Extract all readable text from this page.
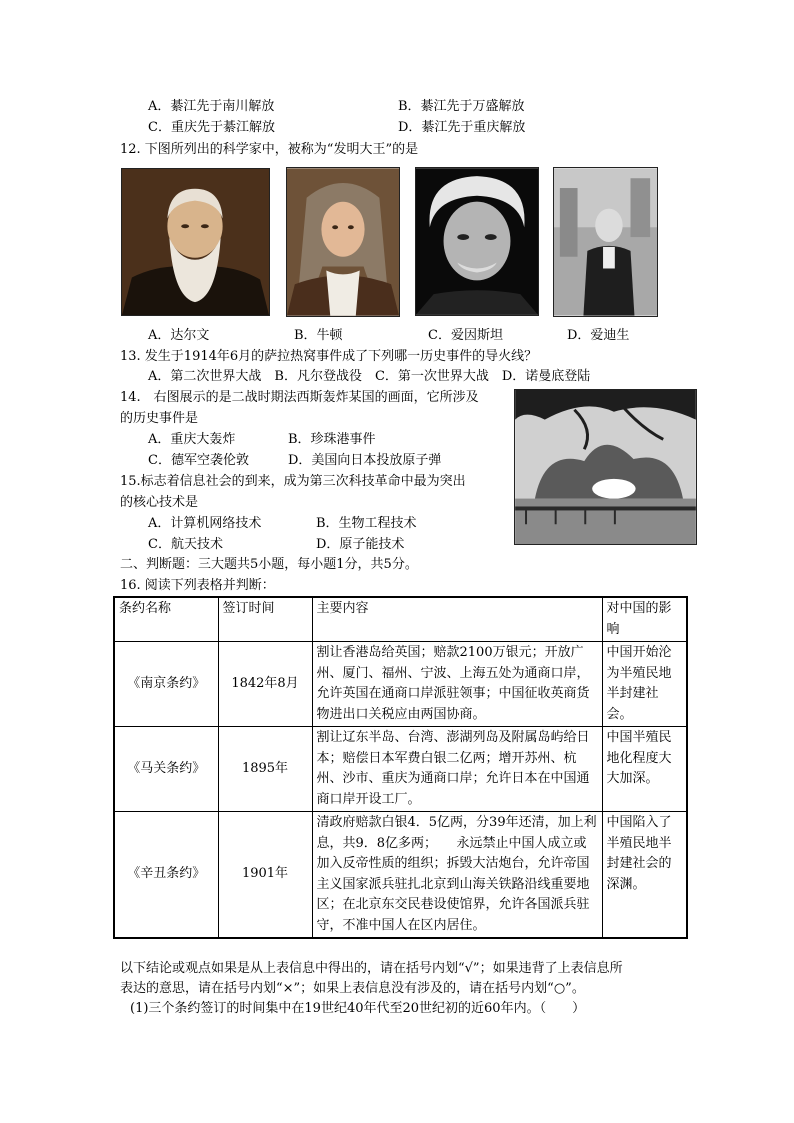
A．綦江先于南川解放	B．綦江先于万盛解放
C．重庆先于綦江解放	D．綦江先于重庆解放
12. 下图所列出的科学家中，被称为“发明大王”的是
A．达尔文	B．牛顿	C．爱因斯坦	D．爱迪生
13. 发生于1914年6月的萨拉热窝事件成了下列哪一历史事件的导火线？
A．第二次世界大战　B．凡尔登战役　C．第一次世界大战　D．诺曼底登陆
14.　右图展示的是二战时期法西斯轰炸某国的画面，它所涉及
的历史事件是
A．重庆大轰炸	B．珍珠港事件
C．德军空袭伦敦	D．美国向日本投放原子弹
15.标志着信息社会的到来，成为第三次科技革命中最为突出
的核心技术是
A．计算机网络技术	B．生物工程技术
C．航天技术	D．原子能技术
二、判断题：三大题共5小题，每小题1分，共5分。
16. 阅读下列表格并判断：
条约名称	签订时间	主要内容	对中国的影响
《南京条约》	1842年8月	割让香港岛给英国；赔款2100万银元；开放广州、厦门、福州、宁波、上海五处为通商口岸，允许英国在通商口岸派驻领事；中国征收英商货物进出口关税应由两国协商。	中国开始沦为半殖民地半封建社会。
《马关条约》	1895年	割让辽东半岛、台湾、澎湖列岛及附属岛屿给日本；赔偿日本军费白银二亿两；增开苏州、杭州、沙市、重庆为通商口岸；允许日本在中国通商口岸开设工厂。	中国半殖民地化程度大大加深。
《辛丑条约》	1901年	清政府赔款白银4．5亿两，分39年还清，加上利息，共9．8亿多两；　　永远禁止中国人成立或加入反帝性质的组织；拆毁大沽炮台，允许帝国主义国家派兵驻扎北京到山海关铁路沿线重要地区；在北京东交民巷设使馆界，允许各国派兵驻守，不准中国人在区内居住。	中国陷入了半殖民地半封建社会的深渊。
以下结论或观点如果是从上表信息中得出的，请在括号内划“√”；如果违背了上表信息所
表达的意思，请在括号内划“×”；如果上表信息没有涉及的，请在括号内划“○”。
(1)三个条约签订的时间集中在19世纪40年代至20世纪初的近60年内。（　　）
